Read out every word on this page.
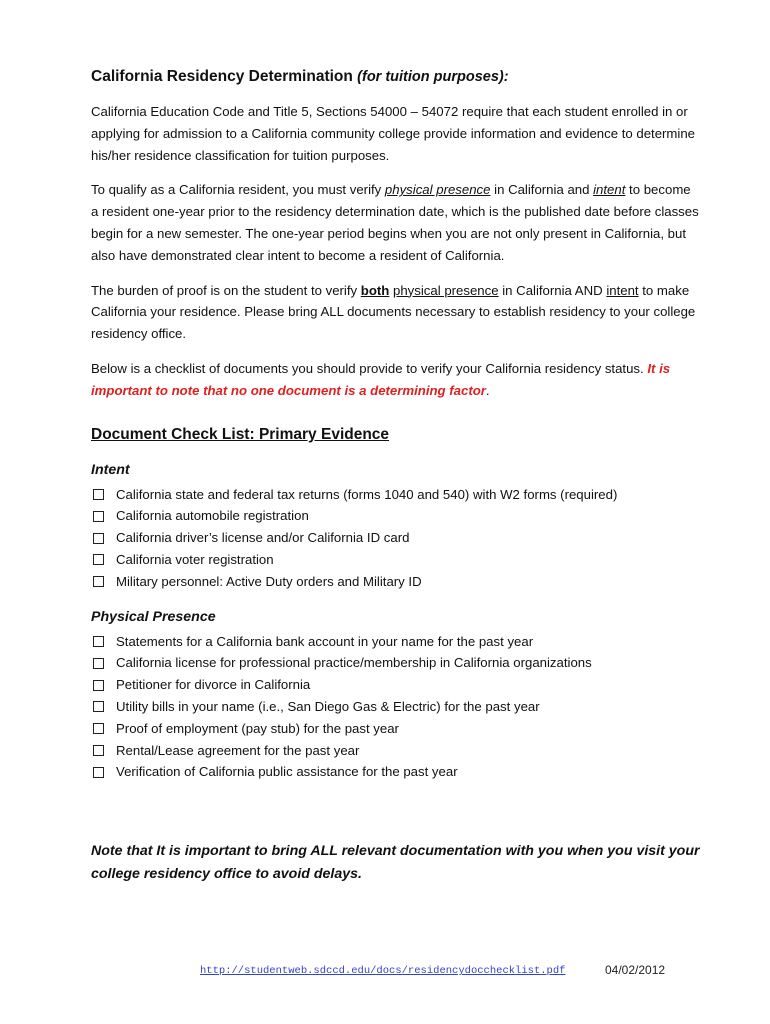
California Residency Determination (for tuition purposes):

California Education Code and Title 5, Sections 54000 – 54072 require that each student enrolled in or applying for admission to a California community college provide information and evidence to determine his/her residence classification for tuition purposes.

To qualify as a California resident, you must verify physical presence in California and intent to become a resident one-year prior to the residency determination date, which is the published date before classes begin for a new semester. The one-year period begins when you are not only present in California, but also have demonstrated clear intent to become a resident of California.

The burden of proof is on the student to verify both physical presence in California AND intent to make California your residence. Please bring ALL documents necessary to establish residency to your college residency office.

Below is a checklist of documents you should provide to verify your California residency status. It is important to note that no one document is a determining factor.

Document Check List: Primary Evidence
Intent
California state and federal tax returns (forms 1040 and 540) with W2 forms (required)
California automobile registration
California driver’s license and/or California ID card
California voter registration
Military personnel: Active Duty orders and Military ID
Physical Presence
Statements for a California bank account in your name for the past year
California license for professional practice/membership in California organizations
Petitioner for divorce in California
Utility bills in your name (i.e., San Diego Gas & Electric) for the past year
Proof of employment (pay stub) for the past year
Rental/Lease agreement for the past year
Verification of California public assistance for the past year

Note that It is important to bring ALL relevant documentation with you when you visit your college residency office to avoid delays.

http://studentweb.sdccd.edu/docs/residencydocchecklist.pdf	04/02/2012
